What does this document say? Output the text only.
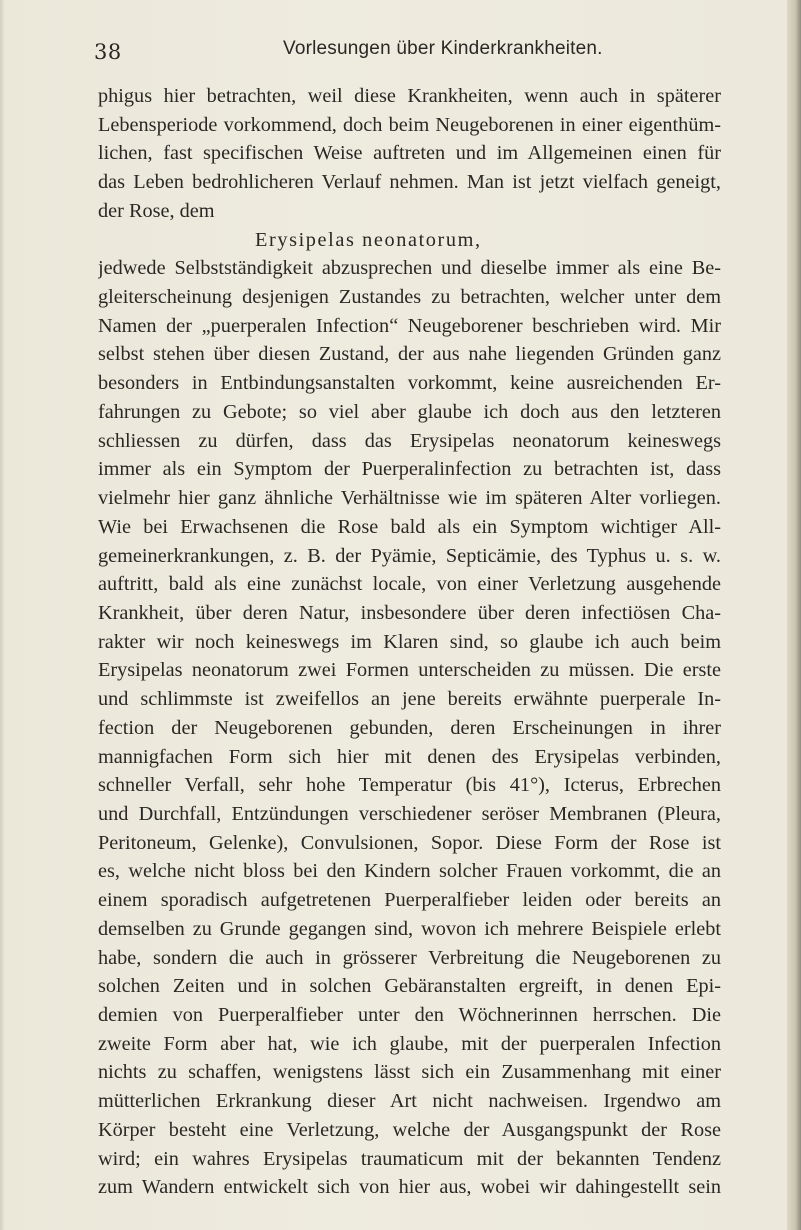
38	Vorlesungen über Kinderkrankheiten.
phigus hier betrachten, weil diese Krankheiten, wenn auch in späterer
Lebensperiode vorkommend, doch beim Neugeborenen in einer eigenthüm-
lichen, fast specifischen Weise auftreten und im Allgemeinen einen für
das Leben bedrohlicheren Verlauf nehmen. Man ist jetzt vielfach geneigt,
der Rose, dem
Erysipelas neonatorum,
jedwede Selbstständigkeit abzusprechen und dieselbe immer als eine Be-
gleiterscheinung desjenigen Zustandes zu betrachten, welcher unter dem
Namen der „puerperalen Infection“ Neugeborener beschrieben wird. Mir
selbst stehen über diesen Zustand, der aus nahe liegenden Gründen ganz
besonders in Entbindungsanstalten vorkommt, keine ausreichenden Er-
fahrungen zu Gebote; so viel aber glaube ich doch aus den letzteren
schliessen zu dürfen, dass das Erysipelas neonatorum keineswegs
immer als ein Symptom der Puerperalinfection zu betrachten ist, dass
vielmehr hier ganz ähnliche Verhältnisse wie im späteren Alter vorliegen.
Wie bei Erwachsenen die Rose bald als ein Symptom wichtiger All-
gemeinerkrankungen, z. B. der Pyämie, Septicämie, des Typhus u. s. w.
auftritt, bald als eine zunächst locale, von einer Verletzung ausgehende
Krankheit, über deren Natur, insbesondere über deren infectiösen Cha-
rakter wir noch keineswegs im Klaren sind, so glaube ich auch beim
Erysipelas neonatorum zwei Formen unterscheiden zu müssen. Die erste
und schlimmste ist zweifellos an jene bereits erwähnte puerperale In-
fection der Neugeborenen gebunden, deren Erscheinungen in ihrer
mannigfachen Form sich hier mit denen des Erysipelas verbinden,
schneller Verfall, sehr hohe Temperatur (bis 41°), Icterus, Erbrechen
und Durchfall, Entzündungen verschiedener seröser Membranen (Pleura,
Peritoneum, Gelenke), Convulsionen, Sopor. Diese Form der Rose ist
es, welche nicht bloss bei den Kindern solcher Frauen vorkommt, die an
einem sporadisch aufgetretenen Puerperalfieber leiden oder bereits an
demselben zu Grunde gegangen sind, wovon ich mehrere Beispiele erlebt
habe, sondern die auch in grösserer Verbreitung die Neugeborenen zu
solchen Zeiten und in solchen Gebäranstalten ergreift, in denen Epi-
demien von Puerperalfieber unter den Wöchnerinnen herrschen. Die
zweite Form aber hat, wie ich glaube, mit der puerperalen Infection
nichts zu schaffen, wenigstens lässt sich ein Zusammenhang mit einer
mütterlichen Erkrankung dieser Art nicht nachweisen. Irgendwo am
Körper besteht eine Verletzung, welche der Ausgangspunkt der Rose
wird; ein wahres Erysipelas traumaticum mit der bekannten Tendenz
zum Wandern entwickelt sich von hier aus, wobei wir dahingestellt sein
